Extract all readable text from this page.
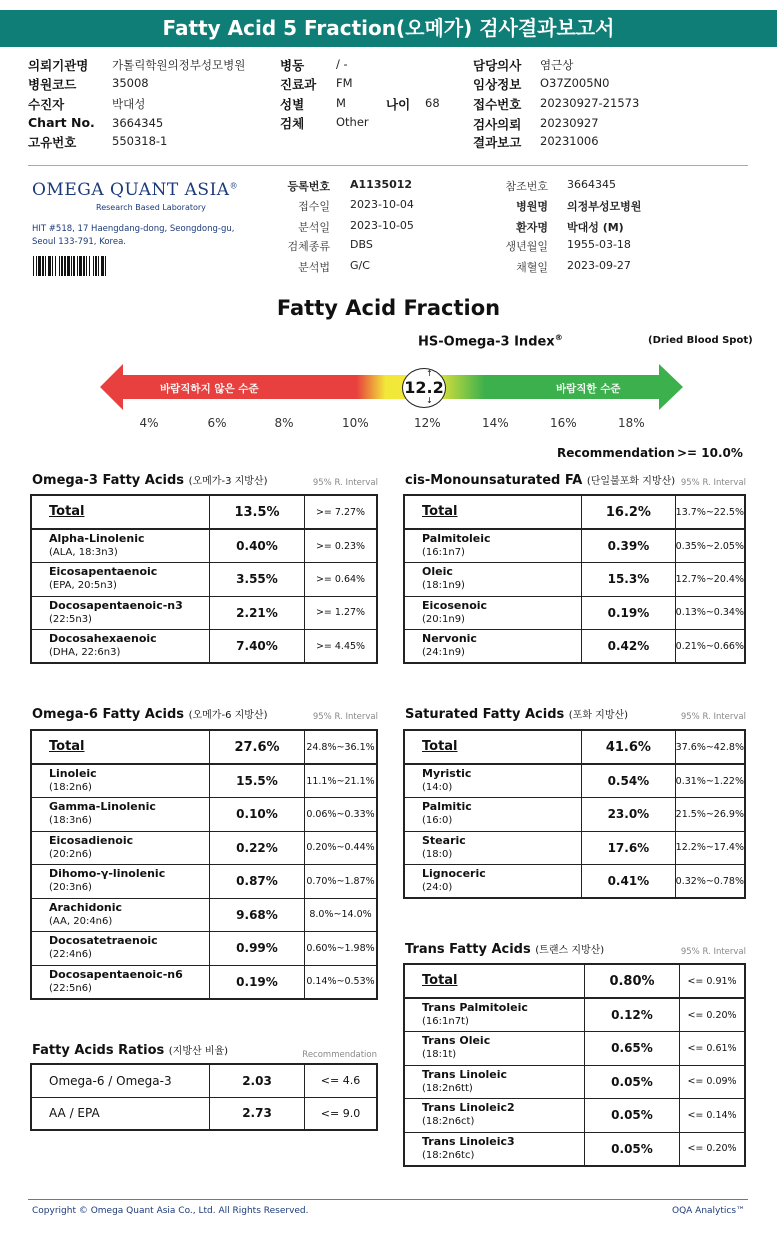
Fatty Acid 5 Fraction(오메가) 검사결과보고서
의뢰기관명 가톨릭학원의정부성모병원
병원코드	35008
수진자	박대성
Chart No. 3664345
고유번호	550318-1
병동	/ -
진료과 FM
성별	M
검체	Other
담당의사 염근상
임상정보 O37Z005N0
접수번호 20230927-21573
검사의뢰 20230927
결과보고 20231006
나이 68
OMEGA QUANT ASIA®
Research Based Laboratory
HIT #518, 17 Haengdang-dong, Seongdong-gu,
Seoul 133-791, Korea.
등록번호 A1135012
접수일 2023-10-04
분석일 2023-10-05
검체종류 DBS
분석법 G/C
참조번호 3664345
병원명 의정부성모병원
환자명 박대성 (M)
생년월일 1955-03-18
채혈일 2023-09-27
Fatty Acid Fraction
HS-Omega-3 Index®	(Dried Blood Spot)
바람직하지 않은 수준	바람직한 수준
12.2
↑
↓
4%	6%	8%	10%	12%	14%	16%	18%
Recommendation >= 10.0%
Omega-3 Fatty Acids (오메가-3 지방산)	95% R. Interval
Total	13.5%	>= 7.27%

Alpha-Linolenic
(ALA, 18:3n3)	0.40%	>= 0.23%

Eicosapentaenoic
(EPA, 20:5n3)	3.55%	>= 0.64%

Docosapentaenoic-n3
(22:5n3)	2.21%	>= 1.27%

Docosahexaenoic
(DHA, 22:6n3)	7.40%	>= 4.45%
cis-Monounsaturated FA (단일불포화 지방산) 95% R. Interval
Total	16.2%	13.7%~22.5%

Palmitoleic
(16:1n7)	0.39%	0.35%~2.05%

Oleic
(18:1n9)	15.3%	12.7%~20.4%

Eicosenoic
(20:1n9)	0.19%	0.13%~0.34%

Nervonic
(24:1n9)	0.42%	0.21%~0.66%
Omega-6 Fatty Acids (오메가-6 지방산)	95% R. Interval
Total	27.6%	24.8%~36.1%

Linoleic
(18:2n6)	15.5%	11.1%~21.1%

Gamma-Linolenic
(18:3n6)	0.10%	0.06%~0.33%

Eicosadienoic
(20:2n6)	0.22%	0.20%~0.44%

Dihomo-γ-linolenic
(20:3n6)	0.87%	0.70%~1.87%

Arachidonic
(AA, 20:4n6)	9.68%	8.0%~14.0%

Docosatetraenoic
(22:4n6)	0.99%	0.60%~1.98%

Docosapentaenoic-n6
(22:5n6)	0.19%	0.14%~0.53%
Saturated Fatty Acids (포화 지방산)	95% R. Interval
Total	41.6%	37.6%~42.8%

Myristic
(14:0)	0.54%	0.31%~1.22%

Palmitic
(16:0)	23.0%	21.5%~26.9%

Stearic
(18:0)	17.6%	12.2%~17.4%

Lignoceric
(24:0)	0.41%	0.32%~0.78%
Trans Fatty Acids (트랜스 지방산)	95% R. Interval
Total	0.80%	<= 0.91%

Trans Palmitoleic
(16:1n7t)	0.12%	<= 0.20%

Trans Oleic
(18:1t)	0.65%	<= 0.61%

Trans Linoleic
(18:2n6tt)	0.05%	<= 0.09%

Trans Linoleic2
(18:2n6ct)	0.05%	<= 0.14%

Trans Linoleic3
(18:2n6tc)	0.05%	<= 0.20%
Fatty Acids Ratios (지방산 비율)	Recommendation
Omega-6 / Omega-3	2.03	<= 4.6
AA / EPA	2.73	<= 9.0
Copyright © Omega Quant Asia Co., Ltd. All Rights Reserved.	OQA Analytics™
